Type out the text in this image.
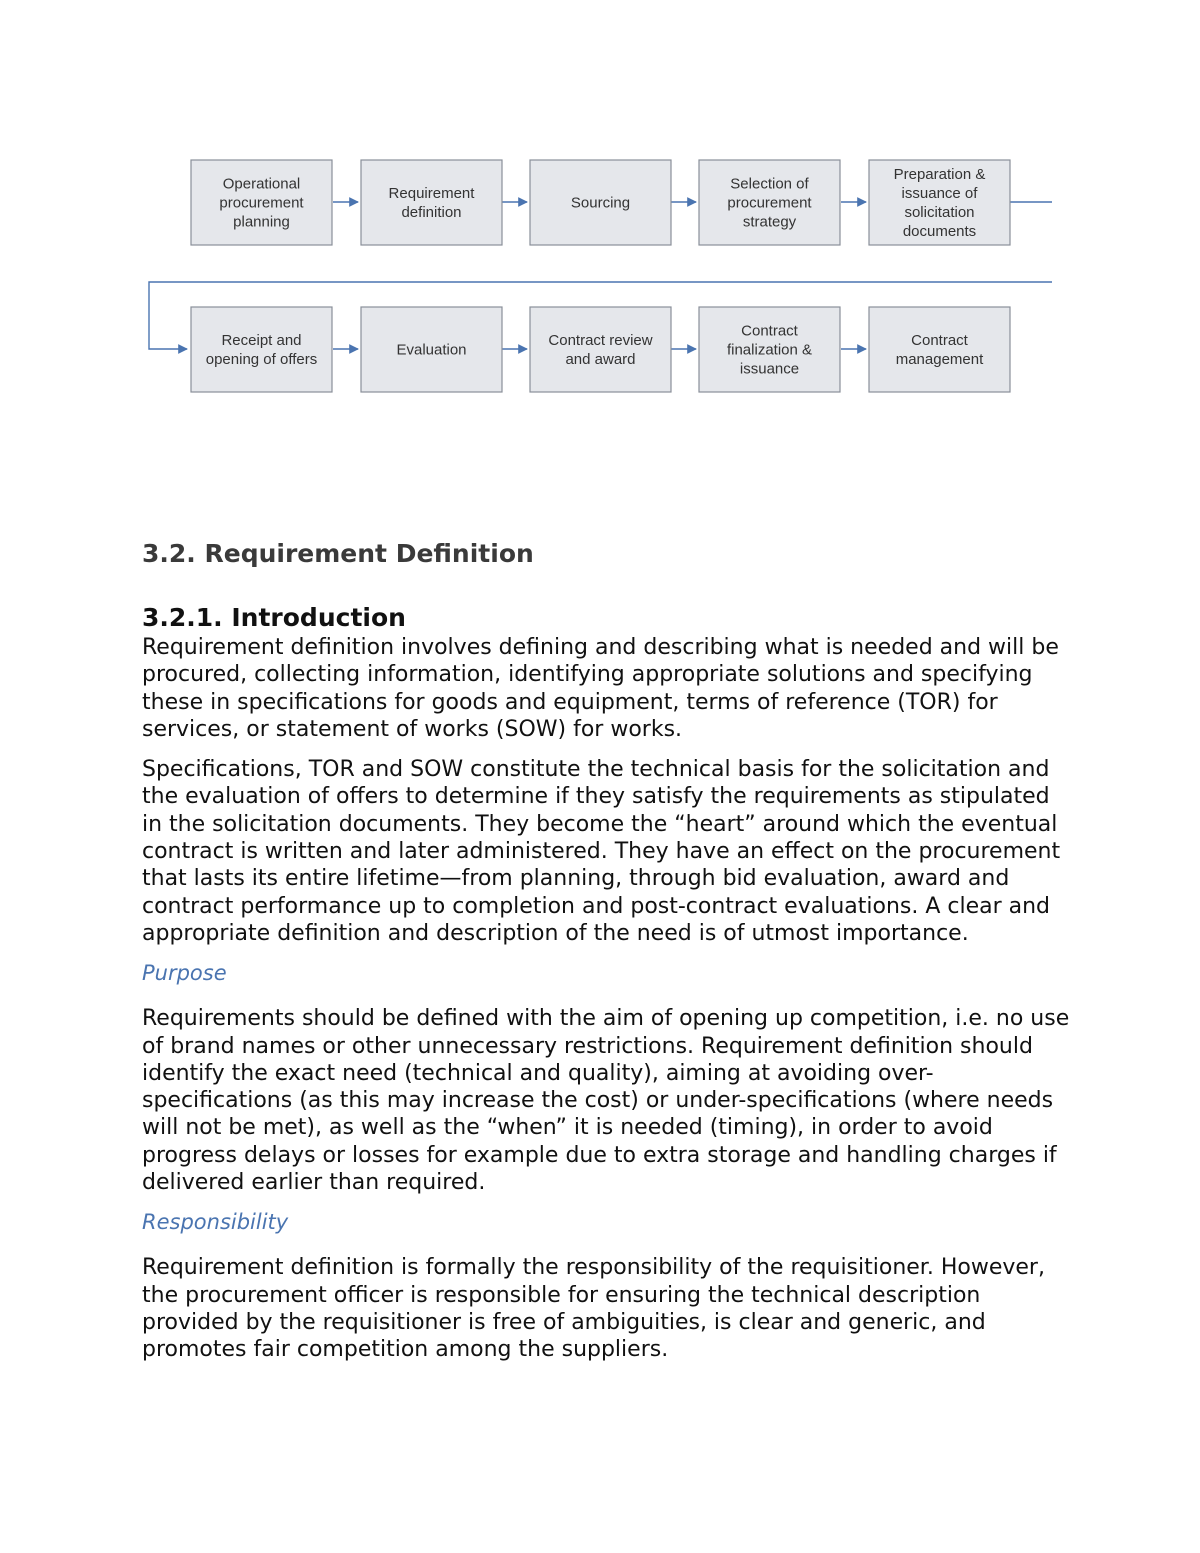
Operational
procurement
planning
Requirement
definition
Sourcing
Selection of
procurement
strategy
Preparation &
issuance of
solicitation
documents
Receipt and
opening of offers
Evaluation
Contract review
and award
Contract
finalization &
issuance
Contract
management
3.2. Requirement Definition
3.2.1. Introduction

Requirement definition involves defining and describing what is needed and will be procured, collecting information, identifying appropriate solutions and specifying these in specifications for goods and equipment, terms of reference (TOR) for services, or statement of works (SOW) for works.

Specifications, TOR and SOW constitute the technical basis for the solicitation and the evaluation of offers to determine if they satisfy the requirements as stipulated in the solicitation documents. They become the “heart” around which the eventual contract is written and later administered. They have an effect on the procurement that lasts its entire lifetime—from planning, through bid evaluation, award and contract performance up to completion and post-contract evaluations. A clear and appropriate definition and description of the need is of utmost importance.

Purpose

Requirements should be defined with the aim of opening up competition, i.e. no use of brand names or other unnecessary restrictions. Requirement definition should identify the exact need (technical and quality), aiming at avoiding over-specifications (as this may increase the cost) or under-specifications (where needs will not be met), as well as the “when” it is needed (timing), in order to avoid progress delays or losses for example due to extra storage and handling charges if delivered earlier than required.

Responsibility

Requirement definition is formally the responsibility of the requisitioner. However, the procurement officer is responsible for ensuring the technical description provided by the requisitioner is free of ambiguities, is clear and generic, and promotes fair competition among the suppliers.
